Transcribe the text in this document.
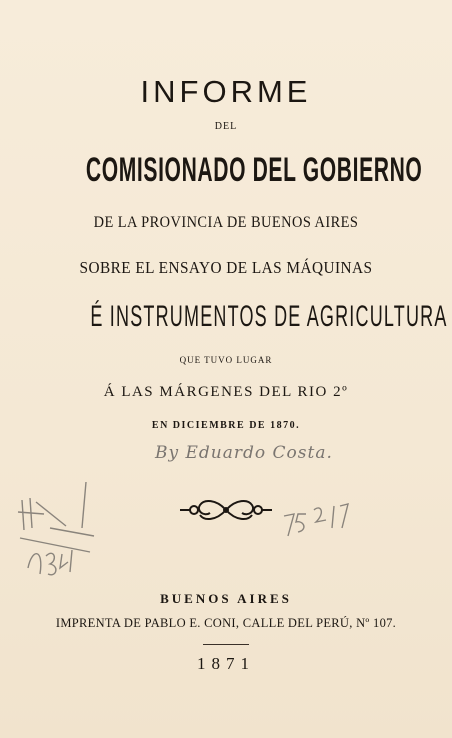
INFORME
DEL
COMISIONADO DEL GOBIERNO
DE LA PROVINCIA DE BUENOS AIRES
SOBRE EL ENSAYO DE LAS MÁQUINAS
É INSTRUMENTOS DE AGRICULTURA
QUE TUVO LUGAR
Á LAS MÁRGENES DEL RIO 2º
EN DICIEMBRE DE 1870.
By Eduardo Costa.
BUENOS AIRES
IMPRENTA DE PABLO E. CONI, CALLE DEL PERÚ, Nº 107.
1871
